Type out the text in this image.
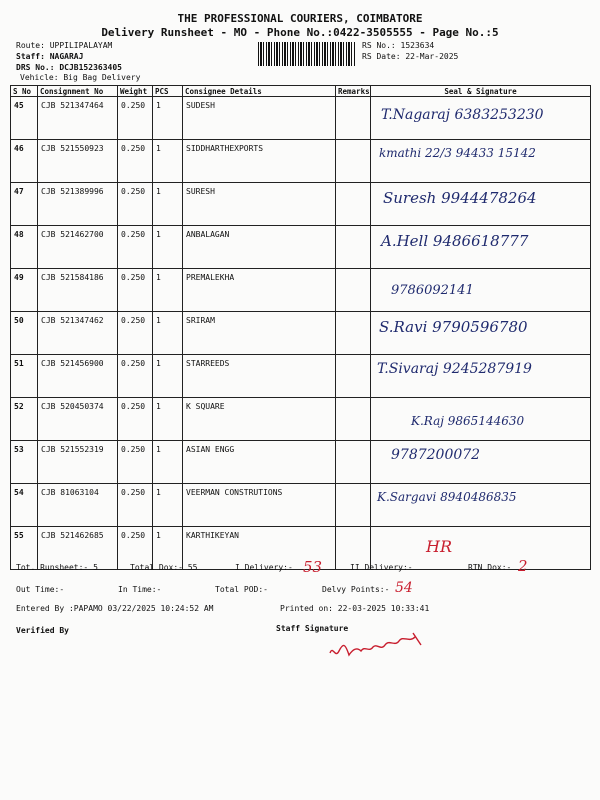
THE PROFESSIONAL COURIERS, COIMBATORE
Delivery Runsheet - MO - Phone No.:0422-3505555 - Page No.:5
Route: UPPILIPALAYAM
Staff: NAGARAJ
DRS No.: DCJB152363405
Vehicle: Big Bag Delivery
RS No.: 1523634
RS Date: 22-Mar-2025
S No	Consignment No	Weight	PCS	Consignee Details	Remarks	Seal & Signature
45	CJB 521347464	0.250	1	SUDESH		T.Nagaraj 6383253230

46	CJB 521550923	0.250	1	SIDDHARTHEXPORTS		kmathi 22/3 94433 15142

47	CJB 521389996	0.250	1	SURESH		Suresh 9944478264

48	CJB 521462700	0.250	1	ANBALAGAN		A.Hell 9486618777

49	CJB 521584186	0.250	1	PREMALEKHA		9786092141

50	CJB 521347462	0.250	1	SRIRAM		S.Ravi 9790596780

51	CJB 521456900	0.250	1	STARREEDS		T.Sivaraj 9245287919

52	CJB 520450374	0.250	1	K SQUARE		K.Raj 9865144630

53	CJB 521552319	0.250	1	ASIAN ENGG		9787200072

54	CJB 81063104	0.250	1	VEERMAN CONSTRUTIONS		K.Sargavi 8940486835

55	CJB 521462685	0.250	1	KARTHIKEYAN		HR
Tot. Runsheet:- 5	Total Dox:- 55	I Delivery:- 53	II Delivery:-	RTN Dox:- 2
Out Time:-	In Time:-	Total POD:-	Delvy Points:- 54
Entered By :PAPAMO 03/22/2025 10:24:52 AM	Printed on: 22-03-2025 10:33:41
Verified By	Staff Signature
